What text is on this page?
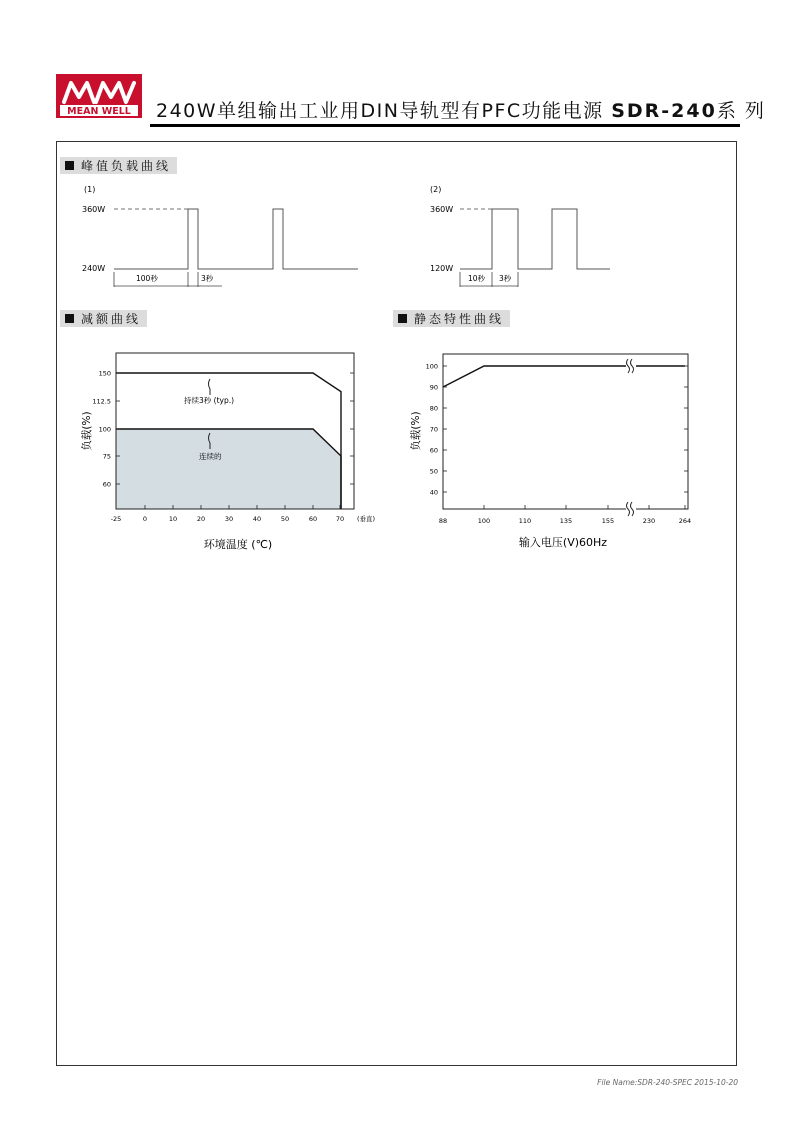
MEAN WELL 240W单组输出工业用DIN导轨型有PFC功能电源 SDR-240系 列
峰值负载曲线
减额曲线	静态特性曲线
(1)
360W
240W
100秒	3秒
(2)
360W
120W
10秒 3秒
60
75
100
112.5
150
-25	0	10	20	30	40	50	60	70 (垂直)
环境温度 (℃)
负载(%)
持续3秒 (typ.)
连续的
40
50
60
70
80
90
100
88	100	110	135	155	230	264
输入电压(V)60Hz
负载(%)
File Name:SDR-240-SPEC 2015-10-20
